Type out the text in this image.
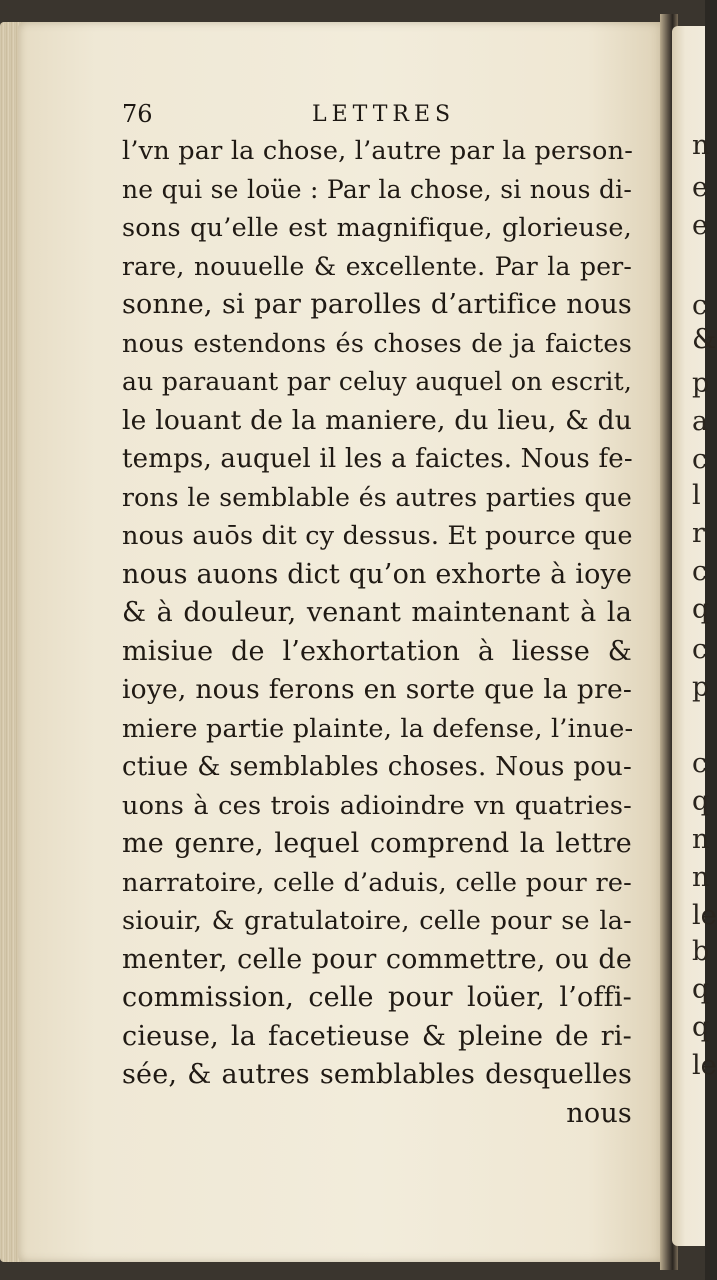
n
e
e
c
&
p
a
c
l
r
c
q
c
p
c
q
n
n
le
b
q
q
le
76	LETTRES
l’vn par la chose, l’autre par la person-
ne qui se loüe : Par la chose, si nous di-
sons qu’elle est magnifique, glorieuse,
rare, nouuelle & excellente. Par la per-
sonne, si par parolles d’artifice nous
nous estendons és choses de ja faictes
au parauant par celuy auquel on escrit,
le louant de la maniere, du lieu, & du
temps, auquel il les a faictes. Nous fe-
rons le semblable és autres parties que
nous auōs dit cy dessus. Et pource que
nous auons dict qu’on exhorte à ioye
& à douleur, venant maintenant à la
misiue de l’exhortation à liesse &
ioye, nous ferons en sorte que la pre-
miere partie plainte, la defense, l’inue-
ctiue & semblables choses. Nous pou-
uons à ces trois adioindre vn quatries-
me genre, lequel comprend la lettre
narratoire, celle d’aduis, celle pour re-
siouir, & gratulatoire, celle pour se la-
menter, celle pour commettre, ou de
commission, celle pour loüer, l’offi-
cieuse, la facetieuse & pleine de ri-
sée, & autres semblables desquelles
nous
